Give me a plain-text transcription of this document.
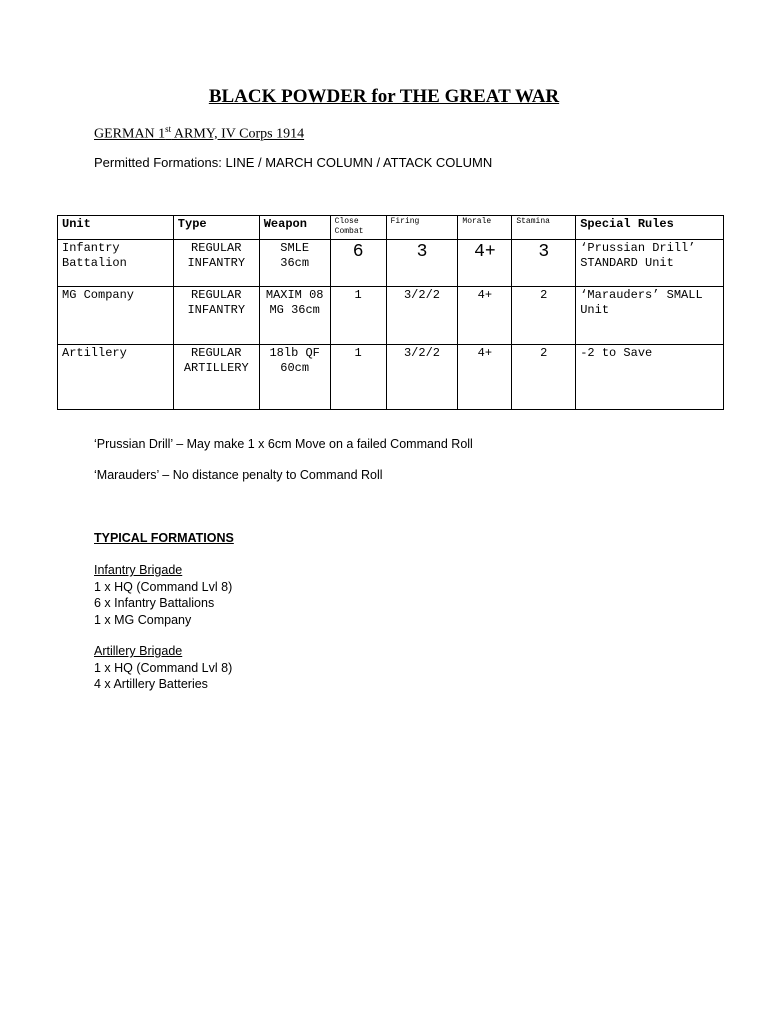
BLACK POWDER for THE GREAT WAR
GERMAN 1st ARMY, IV Corps 1914
Permitted Formations: LINE / MARCH COLUMN / ATTACK COLUMN
Unit	Type	Weapon	Close Combat	Firing	Morale	Stamina	Special Rules
Infantry Battalion	REGULAR INFANTRY	SMLE 36cm	6	3	4+	3	‘Prussian Drill’ STANDARD Unit
MG Company	REGULAR INFANTRY	MAXIM 08 MG 36cm	1	3/2/2	4+	2	‘Marauders’ SMALL Unit
Artillery	REGULAR ARTILLERY	18lb QF 60cm	1	3/2/2	4+	2	-2 to Save
‘Prussian Drill’ – May make 1 x 6cm Move on a failed Command Roll
‘Marauders’ – No distance penalty to Command Roll
TYPICAL FORMATIONS
Infantry Brigade
1 x HQ (Command Lvl 8)
6 x Infantry Battalions
1 x MG Company
Artillery Brigade
1 x HQ (Command Lvl 8)
4 x Artillery Batteries
